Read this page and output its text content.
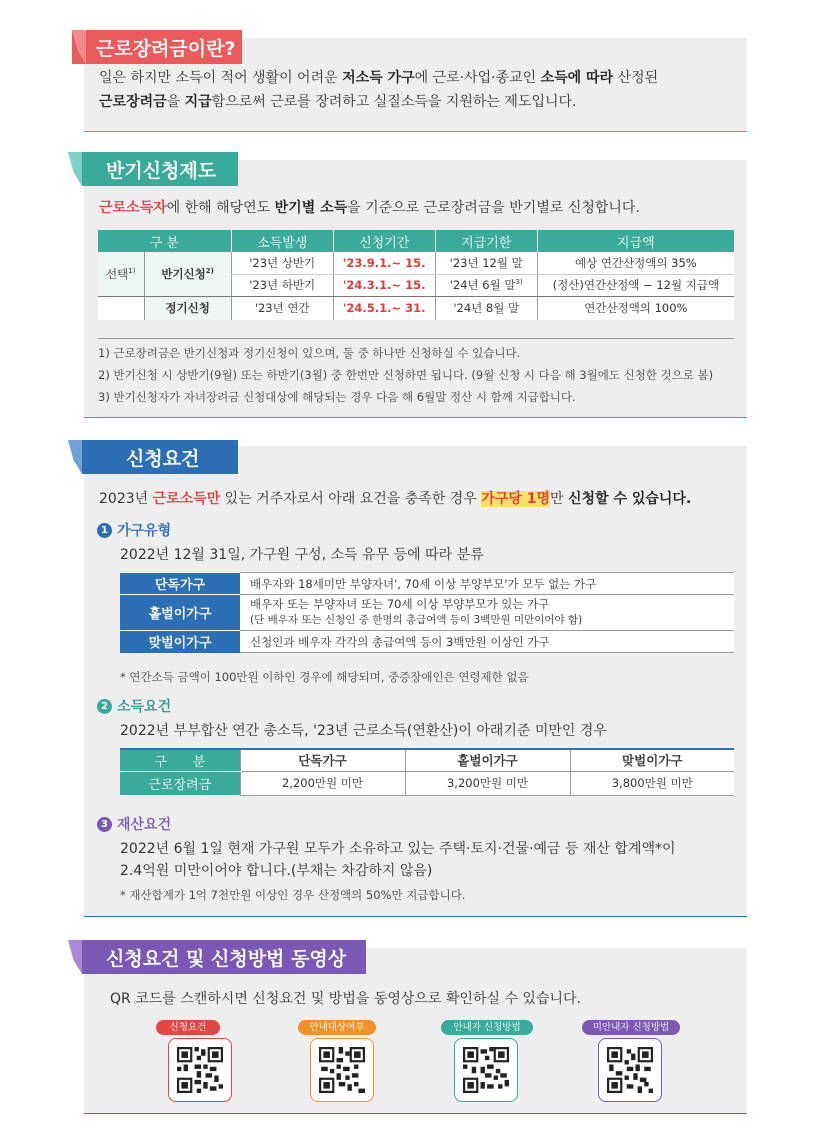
일은 하지만 소득이 적어 생활이 어려운 저소득 가구에 근로·사업·종교인 소득에 따라 산정된

근로장려금을 지급함으로써 근로를 장려하고 실질소득을 지원하는 제도입니다.

근로장려금이란?

근로소득자에 한해 해당연도 반기별 소득을 기준으로 근로장려금을 반기별로 신청합니다.

구 분		소득발생	신청기간	지급기한	지급액
선택$^{1)}$	반기신청$^{2)}$	'23년 상반기	'23.9.1.~ 15.	'23년 12월 말	예상 연간산정액의 35%
		'23년 하반기	'24.3.1.~ 15.	'24년 6월 말$^{3)}$	(정산)연간산정액 − 12월 지급액
	정기신청	'23년 연간	'24.5.1.~ 31.	'24년 8월 말	연간산정액의 100%

1) 근로장려금은 반기신청과 정기신청이 있으며, 둘 중 하나만 신청하실 수 있습니다.

2) 반기신청 시 상반기(9월) 또는 하반기(3월) 중 한번만 신청하면 됩니다. (9월 신청 시 다음 해 3월에도 신청한 것으로 봄)

3) 반기신청자가 자녀장려금 신청대상에 해당되는 경우 다음 해 6월말 정산 시 함께 지급합니다.

반기신청제도

2023년 근로소득만 있는 거주자로서 아래 요건을 충족한 경우 가구당 1명만 신청할 수 있습니다.

1 가구유형

2022년 12월 31일, 가구원 구성, 소득 유무 등에 따라 분류

단독가구	배우자와 18세미만 부양자녀', 70세 이상 부양부모'가 모두 없는 가구
홑벌이가구	배우자 또는 부양자녀 또는 70세 이상 부양부모가 있는 가구
(단 배우자 또는 신청인 중 한명의 총급여액 등이 3백만원 미만이어야 함)
맞벌이가구	신청인과 배우자 각각의 총급여액 등이 3백만원 이상인 가구

* 연간소득 금액이 100만원 이하인 경우에 해당되며, 중증장애인은 연령제한 없음

2 소득요건

2022년 부부합산 연간 총소득, '23년 근로소득(연환산)이 아래기준 미만인 경우

구　　분	단독가구	홑벌이가구	맞벌이가구
근로장려금	2,200만원 미만	3,200만원 미만	3,800만원 미만
3 재산요건

2022년 6월 1일 현재 가구원 모두가 소유하고 있는 주택·토지·건물·예금 등 재산 합계액*이

2.4억원 미만이어야 합니다.(부채는 차감하지 않음)

* 재산합계가 1억 7천만원 이상인 경우 산정액의 50%만 지급합니다.

신청요건

QR 코드를 스캔하시면 신청요건 및 방법을 동영상으로 확인하실 수 있습니다.

신청요건	안내대상여부	안내자 신청방법	미안내자 신청방법
신청요건 및 신청방법 동영상
